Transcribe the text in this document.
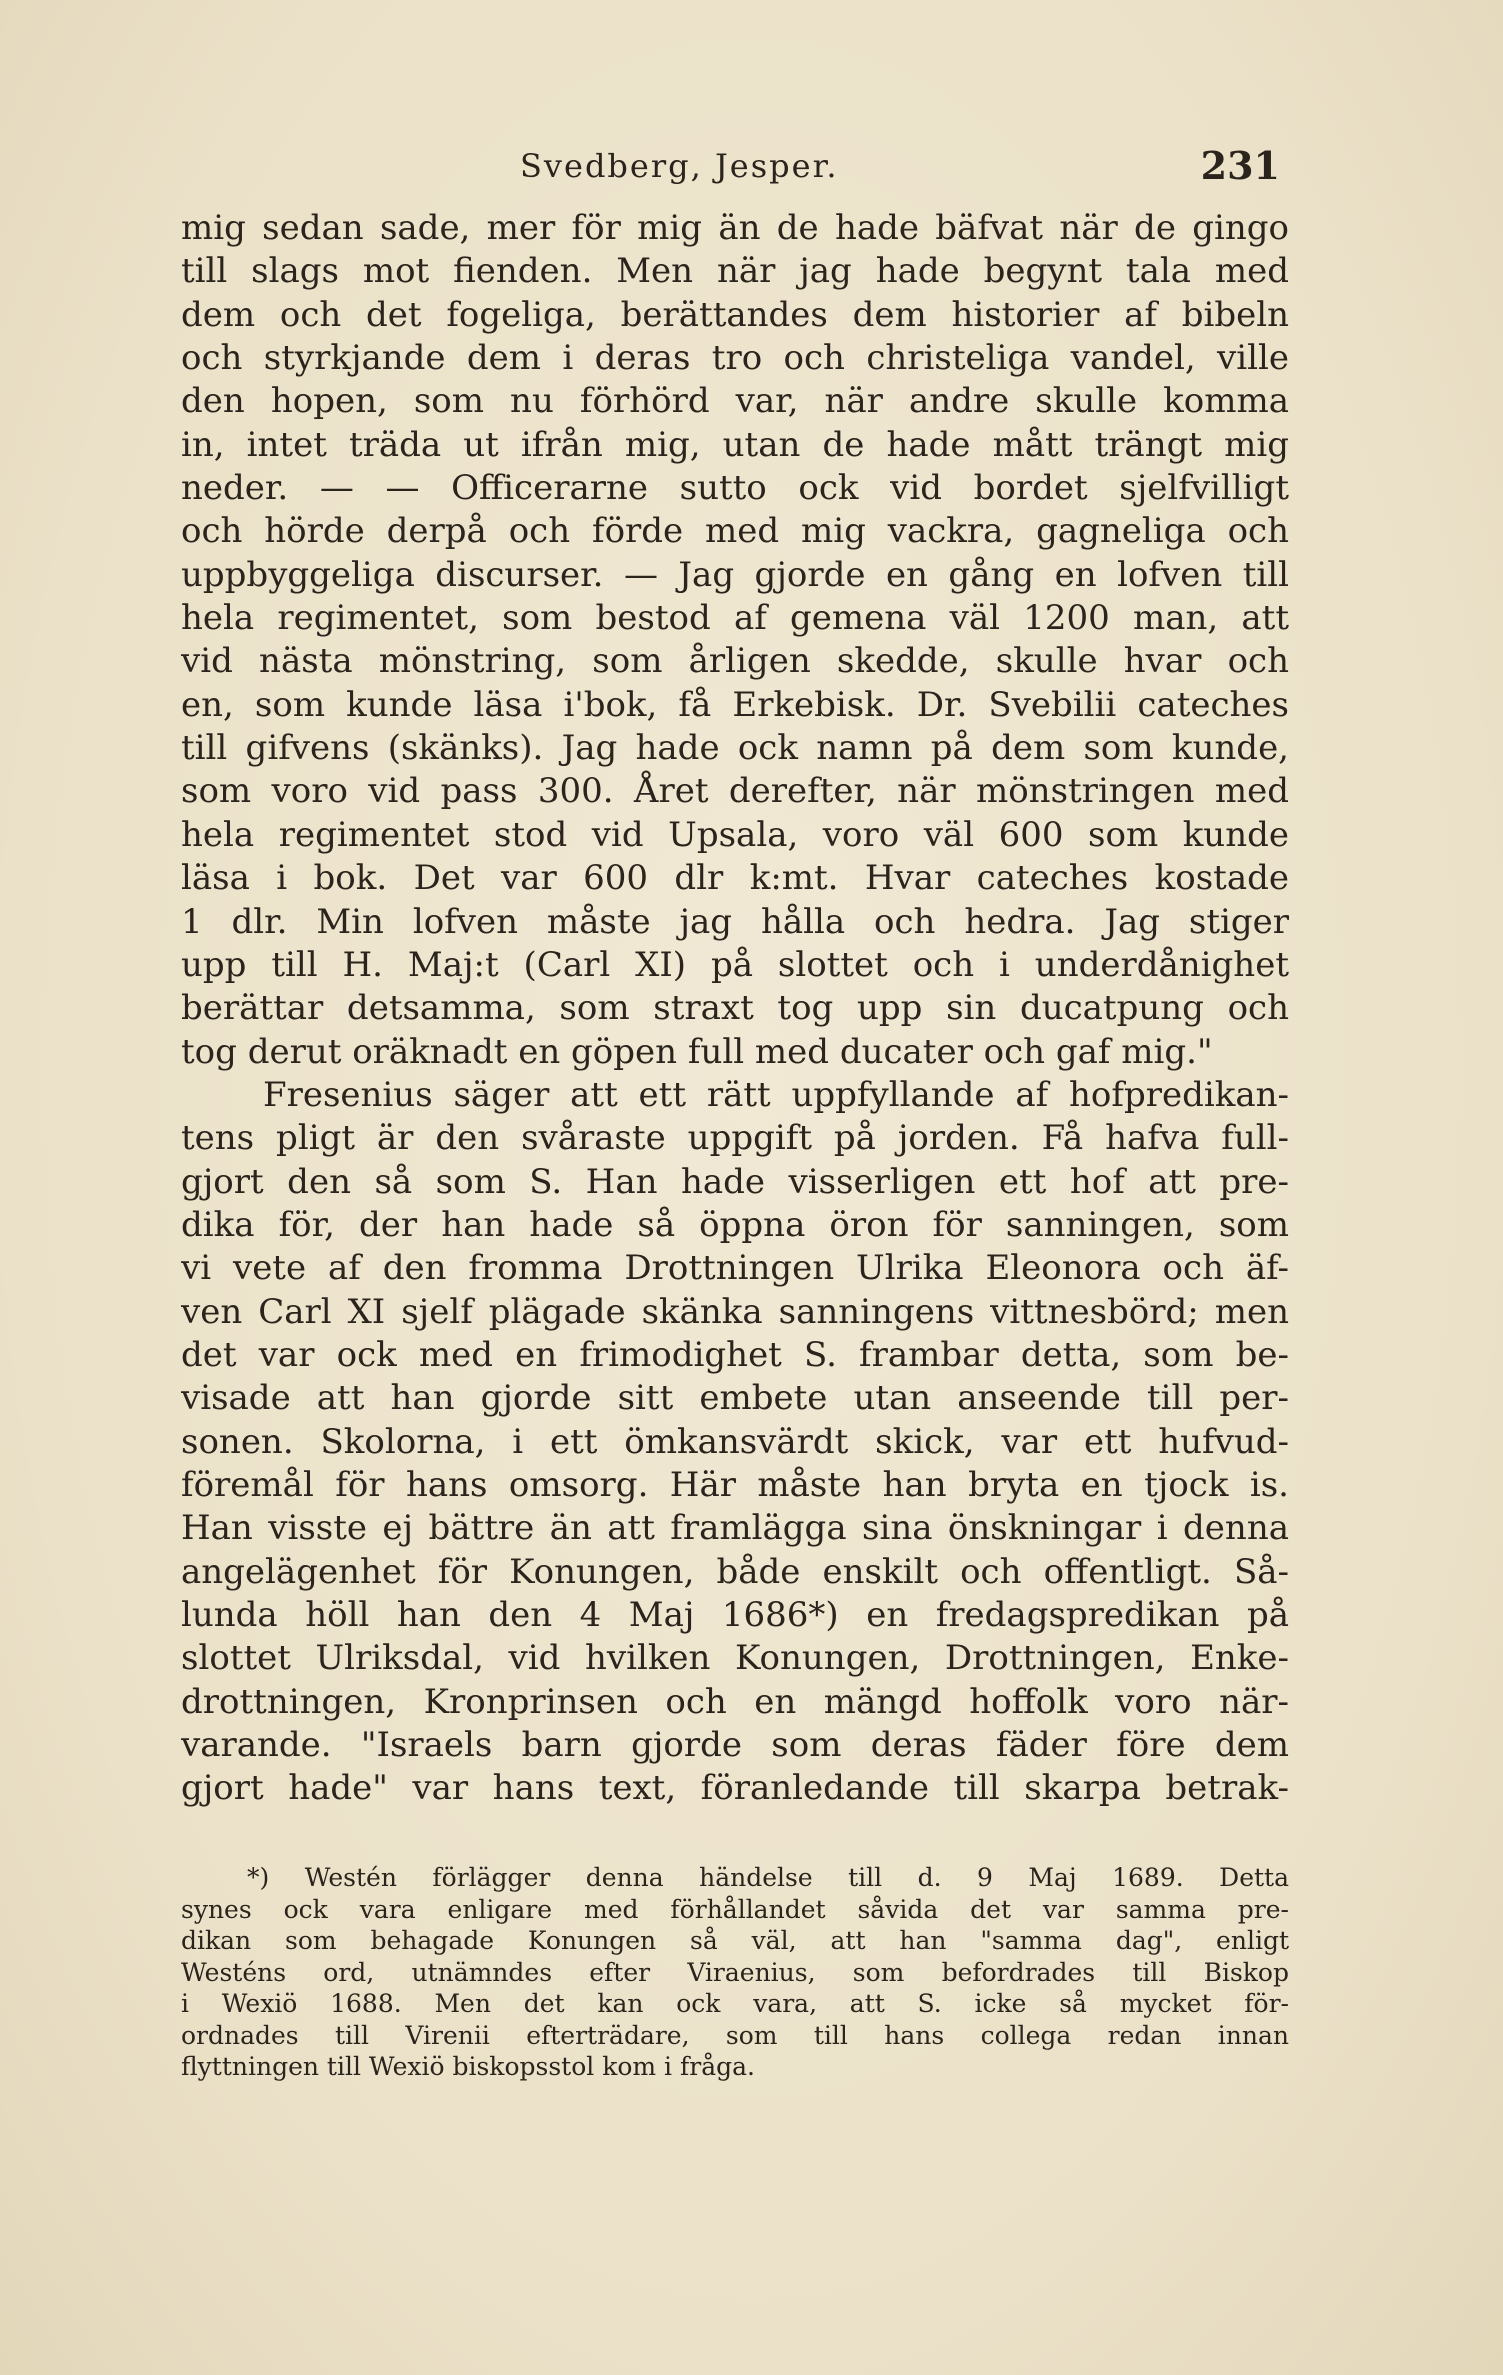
Svedberg, Jesper.	231
mig sedan sade, mer för mig än de hade bäfvat när de gingo
till slags mot fienden. Men när jag hade begynt tala med
dem och det fogeliga, berättandes dem historier af bibeln
och styrkjande dem i deras tro och christeliga vandel, ville
den hopen, som nu förhörd var, när andre skulle komma
in, intet träda ut ifrån mig, utan de hade mått trängt mig
neder. — — Officerarne sutto ock vid bordet sjelfvilligt
och hörde derpå och förde med mig vackra, gagneliga och
uppbyggeliga discurser. — Jag gjorde en gång en lofven till
hela regimentet, som bestod af gemena väl 1200 man, att
vid nästa mönstring, som årligen skedde, skulle hvar och
en, som kunde läsa i'bok, få Erkebisk. Dr. Svebilii cateches
till gifvens (skänks). Jag hade ock namn på dem som kunde,
som voro vid pass 300. Året derefter, när mönstringen med
hela regimentet stod vid Upsala, voro väl 600 som kunde
läsa i bok. Det var 600 dlr k:mt. Hvar cateches kostade
1 dlr. Min lofven måste jag hålla och hedra. Jag stiger
upp till H. Maj:t (Carl XI) på slottet och i underdånighet
berättar detsamma, som straxt tog upp sin ducatpung och
tog derut oräknadt en göpen full med ducater och gaf mig."
Fresenius säger att ett rätt uppfyllande af hofpredikan-
tens pligt är den svåraste uppgift på jorden. Få hafva full-
gjort den så som S. Han hade visserligen ett hof att pre-
dika för, der han hade så öppna öron för sanningen, som
vi vete af den fromma Drottningen Ulrika Eleonora och äf-
ven Carl XI sjelf plägade skänka sanningens vittnesbörd; men
det var ock med en frimodighet S. frambar detta, som be-
visade att han gjorde sitt embete utan anseende till per-
sonen. Skolorna, i ett ömkansvärdt skick, var ett hufvud-
föremål för hans omsorg. Här måste han bryta en tjock is.
Han visste ej bättre än att framlägga sina önskningar i denna
angelägenhet för Konungen, både enskilt och offentligt. Så-
lunda höll han den 4 Maj 1686*) en fredagspredikan på
slottet Ulriksdal, vid hvilken Konungen, Drottningen, Enke-
drottningen, Kronprinsen och en mängd hoffolk voro när-
varande. "Israels barn gjorde som deras fäder före dem
gjort hade" var hans text, föranledande till skarpa betrak-
*) Westén förlägger denna händelse till d. 9 Maj 1689. Detta
synes ock vara enligare med förhållandet såvida det var samma pre-
dikan som behagade Konungen så väl, att han "samma dag", enligt
Westéns ord, utnämndes efter Viraenius, som befordrades till Biskop
i Wexiö 1688. Men det kan ock vara, att S. icke så mycket för-
ordnades till Virenii efterträdare, som till hans collega redan innan
flyttningen till Wexiö biskopsstol kom i fråga.
